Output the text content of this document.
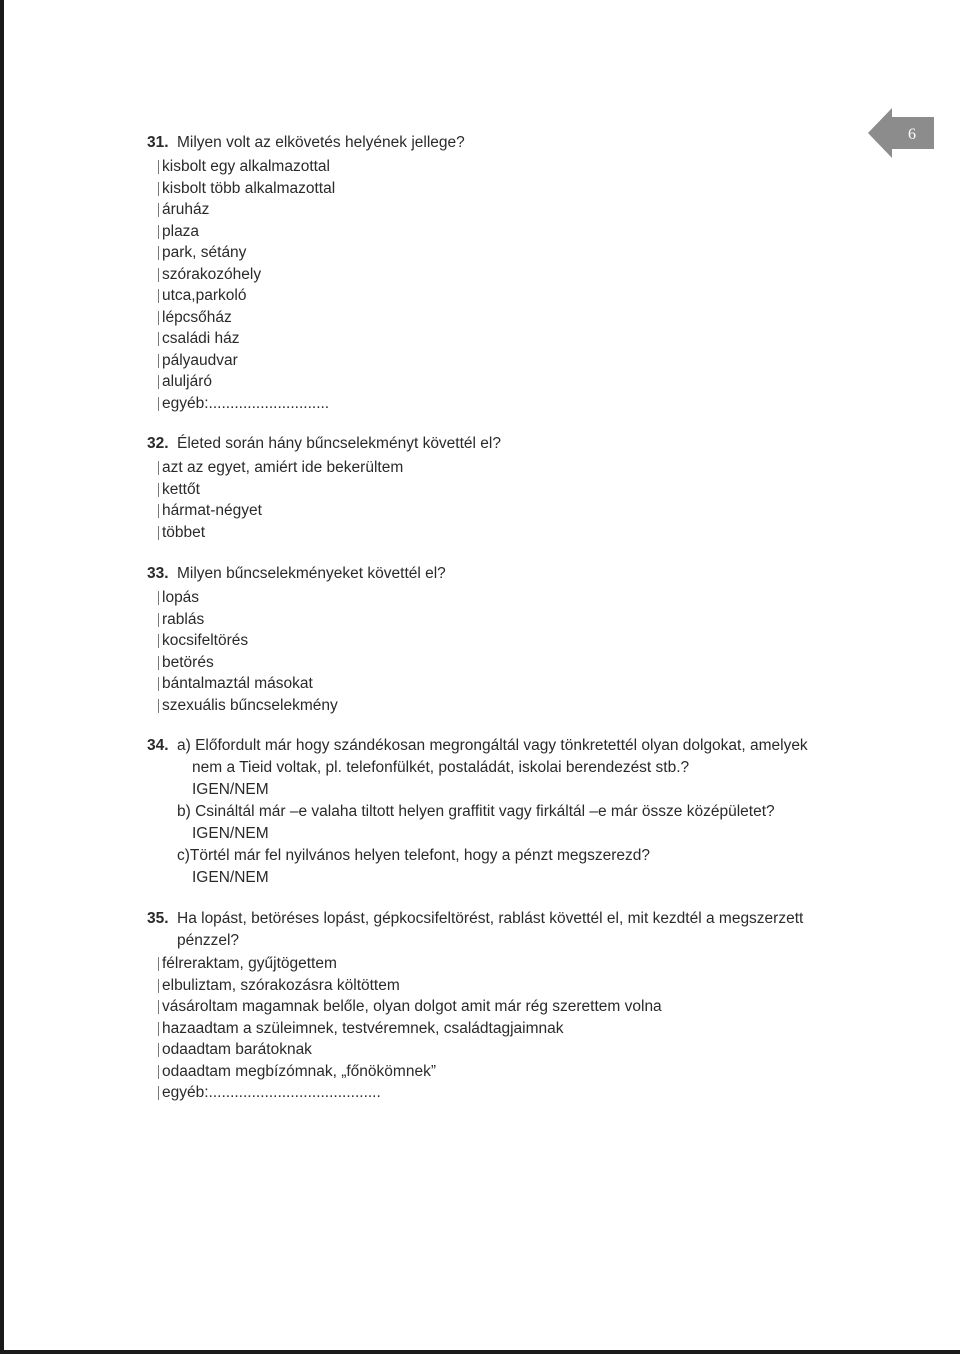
6
31. Milyen volt az elkövetés helyének jellege?
kisbolt egy alkalmazottal
kisbolt több alkalmazottal
áruház
plaza
park, sétány
szórakozóhely
utca,parkoló
lépcsőház
családi ház
pályaudvar
aluljáró
egyéb:............................
32. Életed során hány bűncselekményt követtél el?
azt az egyet, amiért ide bekerültem
kettőt
hármat-négyet
többet
33. Milyen bűncselekményeket követtél el?
lopás
rablás
kocsifeltörés
betörés
bántalmaztál másokat
szexuális bűncselekmény
34. a) Előfordult már hogy szándékosan megrongáltál vagy tönkretettél olyan dolgokat, amelyek
nem a Tieid voltak, pl. telefonfülkét, postaládát, iskolai berendezést stb.?
IGEN/NEM
b) Csináltál már –e valaha tiltott helyen graffitit vagy firkáltál –e már össze középületet?
IGEN/NEM
c)Törtél már fel nyilvános helyen telefont, hogy a pénzt megszerezd?
IGEN/NEM
35. Ha lopást, betöréses lopást, gépkocsifeltörést, rablást követtél el, mit kezdtél a megszerzett
pénzzel?
félreraktam, gyűjtögettem
elbuliztam, szórakozásra költöttem
vásároltam magamnak belőle, olyan dolgot amit már rég szerettem volna
hazaadtam a szüleimnek, testvéremnek, családtagjaimnak
odaadtam barátoknak
odaadtam megbízómnak, „főnökömnek”
egyéb:........................................
